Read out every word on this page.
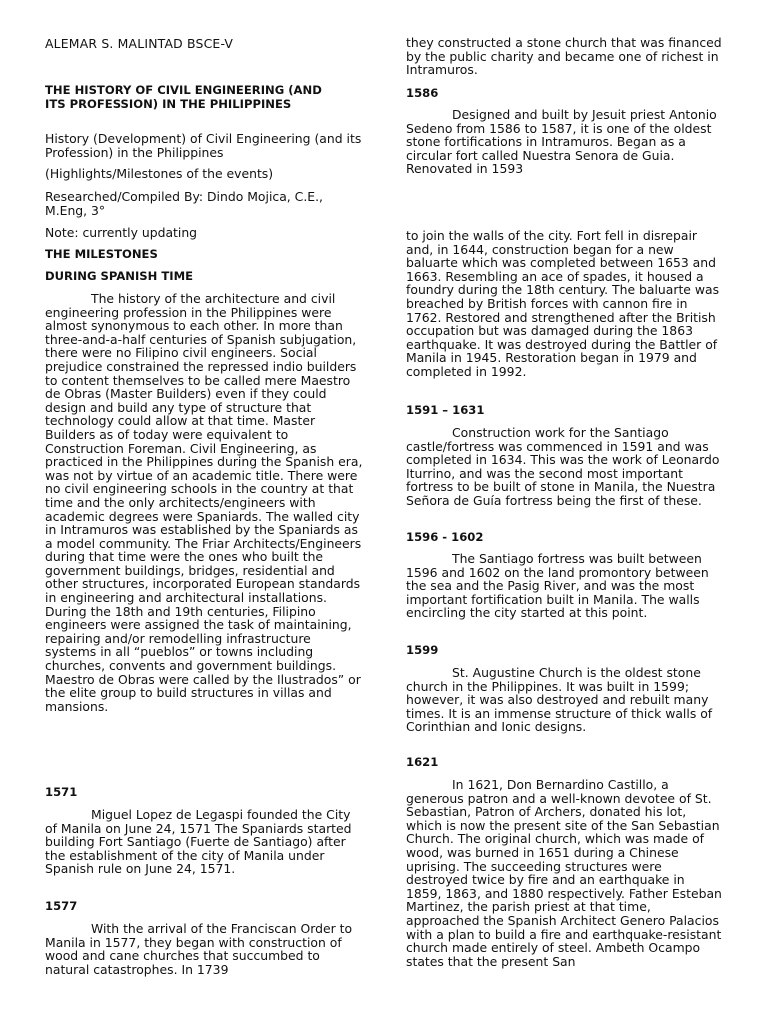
ALEMAR S. MALINTAD BSCE-V

THE HISTORY OF CIVIL ENGINEERING (AND ITS PROFESSION) IN THE PHILIPPINES

History (Development) of Civil Engineering (and its Profession) in the Philippines

(Highlights/Milestones of the events)

Researched/Compiled By: Dindo Mojica, C.E., M.Eng, 3°

Note: currently updating

THE MILESTONES

DURING SPANISH TIME

The history of the architecture and civil engineering profession in the Philippines were almost synonymous to each other. In more than three-and-a-half centuries of Spanish subjugation, there were no Filipino civil engineers. Social prejudice constrained the repressed indio builders to content themselves to be called mere Maestro de Obras (Master Builders) even if they could design and build any type of structure that technology could allow at that time. Master Builders as of today were equivalent to Construction Foreman. Civil Engineering, as practiced in the Philippines during the Spanish era, was not by virtue of an academic title. There were no civil engineering schools in the country at that time and the only architects/engineers with academic degrees were Spaniards. The walled city in Intramuros was established by the Spaniards as a model community. The Friar Architects/Engineers during that time were the ones who built the government buildings, bridges, residential and other structures, incorporated European standards in engineering and architectural installations. During the 18th and 19th centuries, Filipino engineers were assigned the task of maintaining, repairing and/or remodelling infrastructure systems in all “pueblos” or towns including churches, convents and government buildings. Maestro de Obras were called by the Ilustrados” or the elite group to build structures in villas and mansions.

1571

Miguel Lopez de Legaspi founded the City of Manila on June 24, 1571 The Spaniards started building Fort Santiago (Fuerte de Santiago) after the establishment of the city of Manila under Spanish rule on June 24, 1571.

1577

With the arrival of the Franciscan Order to Manila in 1577, they began with construction of wood and cane churches that succumbed to natural catastrophes. In 1739

they constructed a stone church that was financed by the public charity and became one of richest in Intramuros.

1586

Designed and built by Jesuit priest Antonio Sedeno from 1586 to 1587, it is one of the oldest stone fortifications in Intramuros. Began as a circular fort called Nuestra Senora de Guia. Renovated in 1593

to join the walls of the city. Fort fell in disrepair and, in 1644, construction began for a new baluarte which was completed between 1653 and 1663. Resembling an ace of spades, it housed a foundry during the 18th century. The baluarte was breached by British forces with cannon fire in 1762. Restored and strengthened after the British occupation but was damaged during the 1863 earthquake. It was destroyed during the Battler of Manila in 1945. Restoration began in 1979 and completed in 1992.

1591 – 1631

Construction work for the Santiago castle/fortress was commenced in 1591 and was completed in 1634. This was the work of Leonardo Iturrino, and was the second most important fortress to be built of stone in Manila, the Nuestra Señora de Guía fortress being the first of these.

1596 - 1602

The Santiago fortress was built between 1596 and 1602 on the land promontory between the sea and the Pasig River, and was the most important fortification built in Manila. The walls encircling the city started at this point.

1599

St. Augustine Church is the oldest stone church in the Philippines. It was built in 1599; however, it was also destroyed and rebuilt many times. It is an immense structure of thick walls of Corinthian and Ionic designs.

1621

In 1621, Don Bernardino Castillo, a generous patron and a well-known devotee of St. Sebastian, Patron of Archers, donated his lot, which is now the present site of the San Sebastian Church. The original church, which was made of wood, was burned in 1651 during a Chinese uprising. The succeeding structures were destroyed twice by fire and an earthquake in 1859, 1863, and 1880 respectively. Father Esteban Martinez, the parish priest at that time, approached the Spanish Architect Genero Palacios with a plan to build a fire and earthquake-resistant church made entirely of steel. Ambeth Ocampo states that the present San
